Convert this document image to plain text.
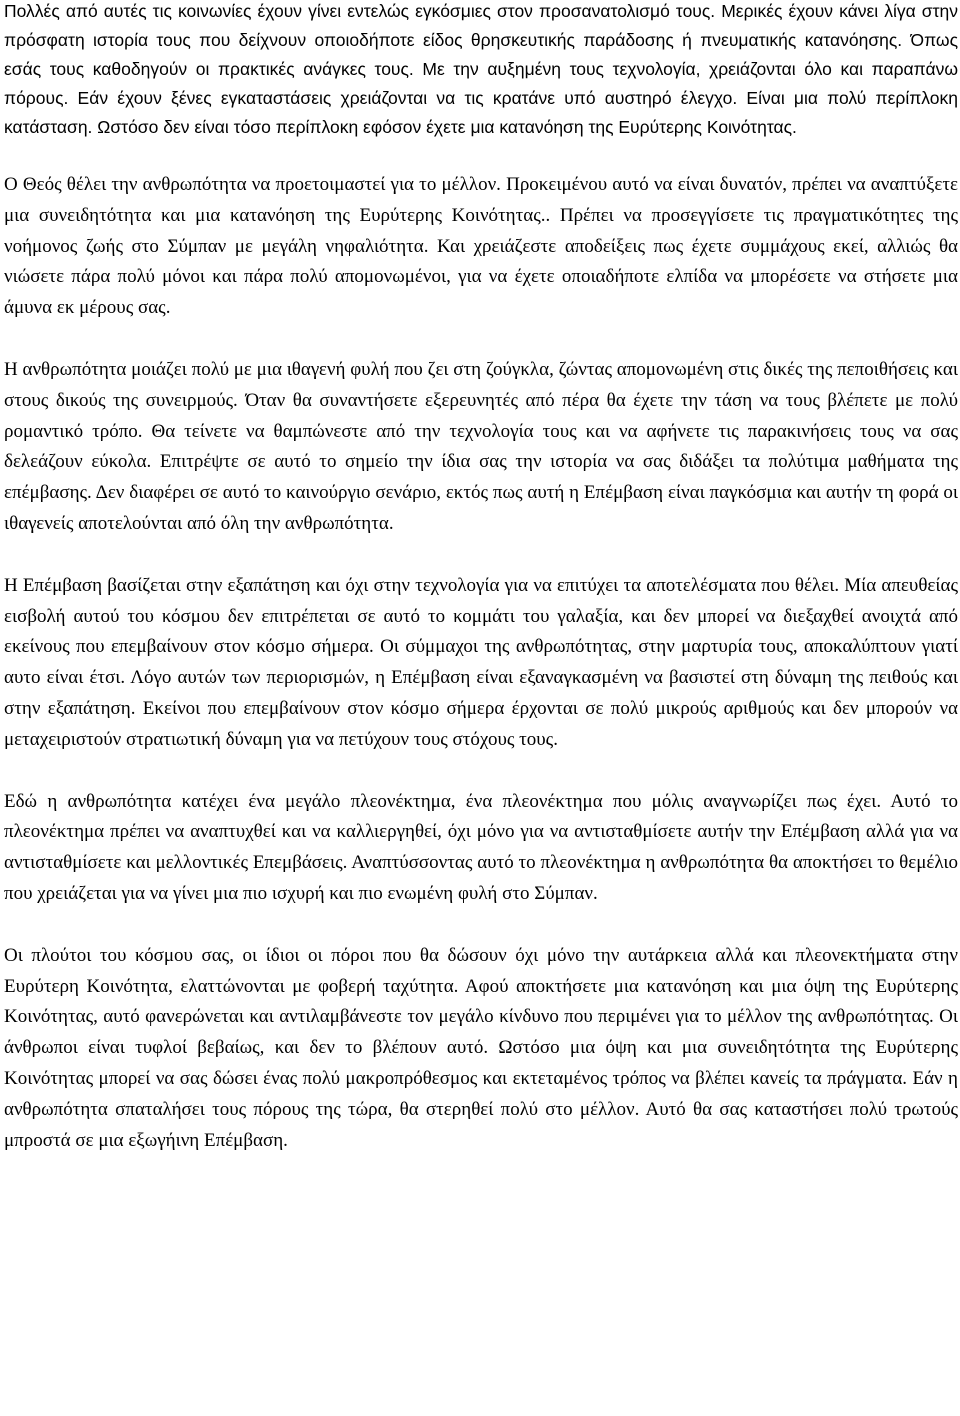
Πολλές από αυτές τις κοινωνίες έχουν γίνει εντελώς εγκόσμιες στον προσανατολισμό τους. Μερικές έχουν κάνει λίγα στην πρόσφατη ιστορία τους που δείχνουν οποιοδήποτε είδος θρησκευτικής παράδοσης ή πνευματικής κατανόησης. Όπως εσάς τους καθοδηγούν οι πρακτικές ανάγκες τους. Με την αυξημένη τους τεχνολογία, χρειάζονται όλο και παραπάνω πόρους. Εάν έχουν ξένες εγκαταστάσεις χρειάζονται να τις κρατάνε υπό αυστηρό έλεγχο. Είναι μια πολύ περίπλοκη κατάσταση. Ωστόσο δεν είναι τόσο περίπλοκη εφόσον έχετε μια κατανόηση της Ευρύτερης Κοινότητας.

Ο Θεός θέλει την ανθρωπότητα να προετοιμαστεί για το μέλλον. Προκειμένου αυτό να είναι δυνατόν, πρέπει να αναπτύξετε μια συνειδητότητα και μια κατανόηση της Ευρύτερης Κοινότητας.. Πρέπει να προσεγγίσετε τις πραγματικότητες της νοήμονος ζωής στο Σύμπαν με μεγάλη νηφαλιότητα. Και χρειάζεστε αποδείξεις πως έχετε συμμάχους εκεί, αλλιώς θα νιώσετε πάρα πολύ μόνοι και πάρα πολύ απομονωμένοι, για να έχετε οποιαδήποτε ελπίδα να μπορέσετε να στήσετε μια άμυνα εκ μέρους σας.

Η ανθρωπότητα μοιάζει πολύ με μια ιθαγενή φυλή που ζει στη ζούγκλα, ζώντας απομονωμένη στις δικές της πεποιθήσεις και στους δικούς της συνειρμούς. Όταν θα συναντήσετε εξερευνητές από πέρα θα έχετε την τάση να τους βλέπετε με πολύ ρομαντικό τρόπο. Θα τείνετε να θαμπώνεστε από την τεχνολογία τους και να αφήνετε τις παρακινήσεις τους να σας δελεάζουν εύκολα. Επιτρέψτε σε αυτό το σημείο την ίδια σας την ιστορία να σας διδάξει τα πολύτιμα μαθήματα της επέμβασης. Δεν διαφέρει σε αυτό το καινούργιο σενάριο, εκτός πως αυτή η Επέμβαση είναι παγκόσμια και αυτήν τη φορά οι ιθαγενείς αποτελούνται από όλη την ανθρωπότητα.

Η Επέμβαση βασίζεται στην εξαπάτηση και όχι στην τεχνολογία για να επιτύχει τα αποτελέσματα που θέλει. Μία απευθείας εισβολή αυτού του κόσμου δεν επιτρέπεται σε αυτό το κομμάτι του γαλαξία, και δεν μπορεί να διεξαχθεί ανοιχτά από εκείνους που επεμβαίνουν στον κόσμο σήμερα. Οι σύμμαχοι της ανθρωπότητας, στην μαρτυρία τους, αποκαλύπτουν γιατί αυτο είναι έτσι. Λόγο αυτών των περιορισμών, η Επέμβαση είναι εξαναγκασμένη να βασιστεί στη δύναμη της πειθούς και στην εξαπάτηση. Εκείνοι που επεμβαίνουν στον κόσμο σήμερα έρχονται σε πολύ μικρούς αριθμούς και δεν μπορούν να μεταχειριστούν στρατιωτική δύναμη για να πετύχουν τους στόχους τους.

Εδώ η ανθρωπότητα κατέχει ένα μεγάλο πλεονέκτημα, ένα πλεονέκτημα που μόλις αναγνωρίζει πως έχει. Αυτό το πλεονέκτημα πρέπει να αναπτυχθεί και να καλλιεργηθεί, όχι μόνο για να αντισταθμίσετε αυτήν την Επέμβαση αλλά για να αντισταθμίσετε και μελλοντικές Επεμβάσεις. Αναπτύσσοντας αυτό το πλεονέκτημα η ανθρωπότητα θα αποκτήσει το θεμέλιο που χρειάζεται για να γίνει μια πιο ισχυρή και πιο ενωμένη φυλή στο Σύμπαν.

Οι πλούτοι του κόσμου σας, οι ίδιοι οι πόροι που θα δώσουν όχι μόνο την αυτάρκεια αλλά και πλεονεκτήματα στην Ευρύτερη Κοινότητα, ελαττώνονται με φοβερή ταχύτητα. Αφού αποκτήσετε μια κατανόηση και μια όψη της Ευρύτερης Κοινότητας, αυτό φανερώνεται και αντιλαμβάνεστε τον μεγάλο κίνδυνο που περιμένει για το μέλλον της ανθρωπότητας. Οι άνθρωποι είναι τυφλοί βεβαίως, και δεν το βλέπουν αυτό. Ωστόσο μια όψη και μια συνειδητότητα της Ευρύτερης Κοινότητας μπορεί να σας δώσει ένας πολύ μακροπρόθεσμος και εκτεταμένος τρόπος να βλέπει κανείς τα πράγματα. Εάν η ανθρωπότητα σπαταλήσει τους πόρους της τώρα, θα στερηθεί πολύ στο μέλλον. Αυτό θα σας καταστήσει πολύ τρωτούς μπροστά σε μια εξωγήινη Επέμβαση.
